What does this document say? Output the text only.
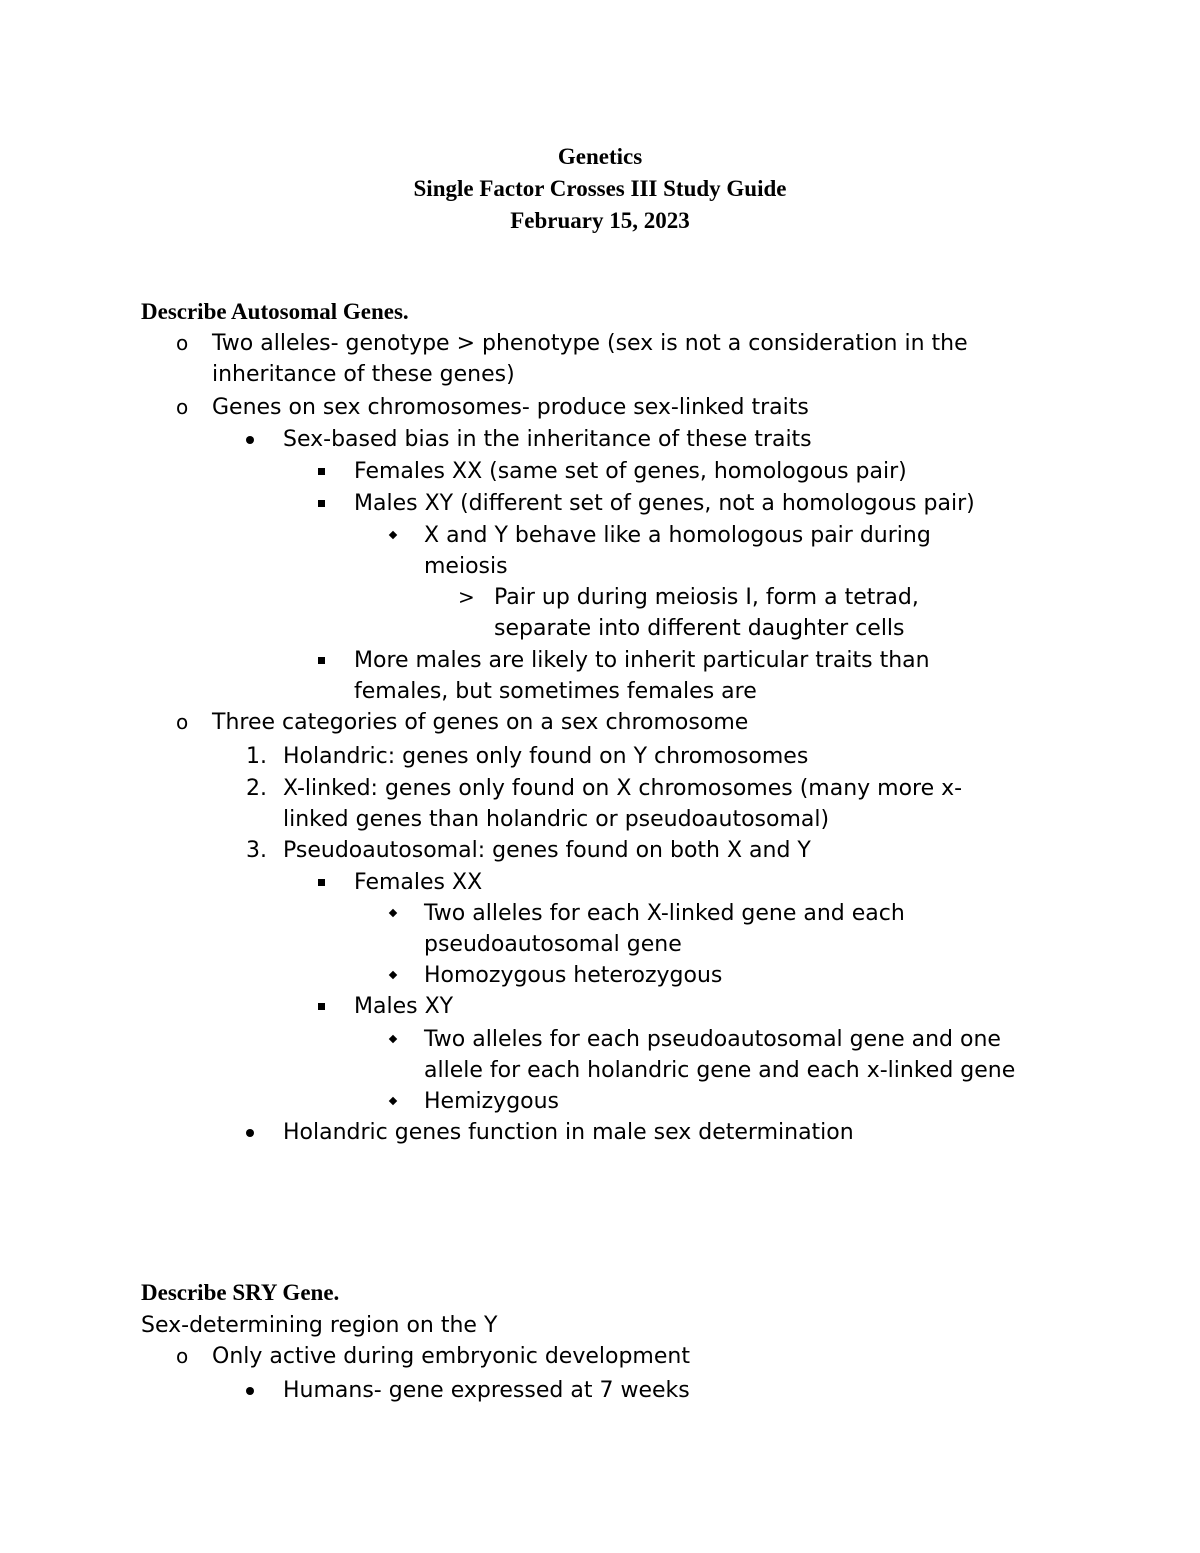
Genetics
Single Factor Crosses III Study Guide
February 15, 2023
Describe Autosomal Genes.
o Two alleles- genotype > phenotype (sex is not a consideration in the
inheritance of these genes)
o Genes on sex chromosomes- produce sex-linked traits
Sex-based bias in the inheritance of these traits
Females XX (same set of genes, homologous pair)
Males XY (different set of genes, not a homologous pair)
X and Y behave like a homologous pair during
meiosis
> Pair up during meiosis I, form a tetrad,
separate into different daughter cells
More males are likely to inherit particular traits than
females, but sometimes females are
o Three categories of genes on a sex chromosome
1. Holandric: genes only found on Y chromosomes
2. X-linked: genes only found on X chromosomes (many more x-
linked genes than holandric or pseudoautosomal)
3. Pseudoautosomal: genes found on both X and Y
Females XX
Two alleles for each X-linked gene and each
pseudoautosomal gene
Homozygous heterozygous
Males XY
Two alleles for each pseudoautosomal gene and one
allele for each holandric gene and each x-linked gene
Hemizygous
Holandric genes function in male sex determination
Describe SRY Gene.
Sex-determining region on the Y
o Only active during embryonic development
Humans- gene expressed at 7 weeks
